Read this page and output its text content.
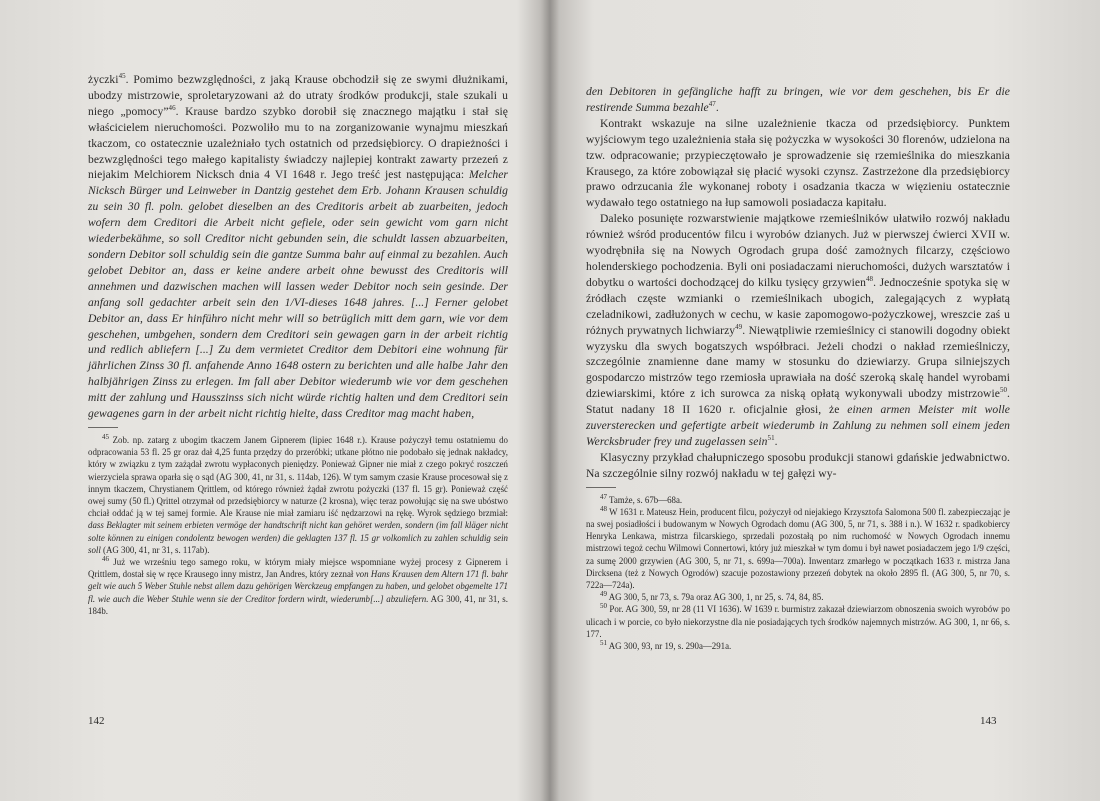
życzki$^{45}$. Pomimo bezwzględności, z jaką Krause obchodził się ze swymi dłużnikami, ubodzy mistrzowie, sproletaryzowani aż do utraty środków produkcji, stale szukali u niego „pomocy”$^{46}$. Krause bardzo szybko dorobił się znacznego majątku i stał się właścicielem nieruchomości. Pozwoliło mu to na zorganizowanie wynajmu mieszkań tkaczom, co ostatecznie uzależniało tych ostatnich od przedsiębiorcy. O drapieżności i bezwzględności tego małego kapitalisty świadczy najlepiej kontrakt zawarty przezeń z niejakim Melchiorem Nicksch dnia 4 VI 1648 r. Jego treść jest następująca: Melcher Nicksch Bürger und Leinweber in Dantzig gestehet dem Erb. Johann Krausen schuldig zu sein 30 fl. poln. gelobet dieselben an des Creditoris arbeit ab zuarbeiten, jedoch wofern dem Creditori die Arbeit nicht gefiele, oder sein gewicht vom garn nicht wiederbekähme, so soll Creditor nicht gebunden sein, die schuldt lassen abzuarbeiten, sondern Debitor soll schuldig sein die gantze Summa bahr auf einmal zu bezahlen. Auch gelobet Debitor an, dass er keine andere arbeit ohne bewusst des Creditoris will annehmen und dazwischen machen will lassen weder Debitor noch sein gesinde. Der anfang soll gedachter arbeit sein den 1/VI-dieses 1648 jahres. [...] Ferner gelobet Debitor an, dass Er hinführo nicht mehr will so betrüglich mitt dem garn, wie vor dem geschehen, umbgehen, sondern dem Creditori sein gewagen garn in der arbeit richtig und redlich abliefern [...] Zu dem vermietet Creditor dem Debitori eine wohnung für jährlichen Zinss 30 fl. anfahende Anno 1648 ostern zu berichten und alle halbe Jahr den halbjährigen Zinss zu erlegen. Im fall aber Debitor wiederumb wie vor dem geschehen mitt der zahlung und Hausszinss sich nicht würde richtig halten und dem Creditori sein gewagenes garn in der arbeit nicht richtig hielte, dass Creditor mag macht haben,

$^{45}$ Zob. np. zatarg z ubogim tkaczem Janem Gipnerem (lipiec 1648 r.). Krause pożyczył temu ostatniemu do odpracowania 53 fl. 25 gr oraz dał 4,25 funta przędzy do przeróbki; utkane płótno nie podobało się jednak nakładcy, który w związku z tym zażądał zwrotu wypłaconych pieniędzy. Ponieważ Gipner nie miał z czego pokryć roszczeń wierzyciela sprawa oparła się o sąd (AG 300, 41, nr 31, s. 114ab, 126). W tym samym czasie Krause procesował się z innym tkaczem, Chrystianem Qrittlem, od którego również żądał zwrotu pożyczki (137 fl. 15 gr). Ponieważ część owej sumy (50 fl.) Qrittel otrzymał od przedsiębiorcy w naturze (2 krosna), więc teraz powołując się na swe ubóstwo chciał oddać ją w tej samej formie. Ale Krause nie miał zamiaru iść nędzarzowi na rękę. Wyrok sędziego brzmiał: dass Beklagter mit seinem erbieten vermöge der handtschrift nicht kan gehöret werden, sondern (im fall kläger nicht solte können zu einigen condolentz bewogen werden) die geklagten 137 fl. 15 gr volkomlich zu zahlen schuldig sein soll (AG 300, 41, nr 31, s. 117ab).

$^{46}$ Już we wrześniu tego samego roku, w którym miały miejsce wspomniane wyżej procesy z Gipnerem i Qrittlem, dostał się w ręce Krausego inny mistrz, Jan Andres, który zeznał von Hans Krausen dem Altern 171 fl. bahr gelt wie auch 5 Weber Stuhle nebst allem dazu gehörigen Werckzeug empfangen zu haben, und gelobet obgemelte 171 fl. wie auch die Weber Stuhle wenn sie der Creditor fordern wirdt, wiederumb[...] abzuliefern. AG 300, 41, nr 31, s. 184b.

142

den Debitoren in gefängliche hafft zu bringen, wie vor dem geschehen, bis Er die restirende Summa bezahle$^{47}$.

Kontrakt wskazuje na silne uzależnienie tkacza od przedsiębiorcy. Punktem wyjściowym tego uzależnienia stała się pożyczka w wysokości 30 florenów, udzielona na tzw. odpracowanie; przypieczętowało je sprowadzenie się rzemieślnika do mieszkania Krausego, za które zobowiązał się płacić wysoki czynsz. Zastrzeżone dla przedsiębiorcy prawo odrzucania źle wykonanej roboty i osadzania tkacza w więzieniu ostatecznie wydawało tego ostatniego na łup samowoli posiadacza kapitału.

Daleko posunięte rozwarstwienie majątkowe rzemieślników ułatwiło rozwój nakładu również wśród producentów filcu i wyrobów dzianych. Już w pierwszej ćwierci XVII w. wyodrębniła się na Nowych Ogrodach grupa dość zamożnych filcarzy, częściowo holenderskiego pochodzenia. Byli oni posiadaczami nieruchomości, dużych warsztatów i dobytku o wartości dochodzącej do kilku tysięcy grzywien$^{48}$. Jednocześnie spotyka się w źródłach częste wzmianki o rzemieślnikach ubogich, zalegających z wypłatą czeladnikowi, zadłużonych w cechu, w kasie zapomogowo-pożyczkowej, wreszcie zaś u różnych prywatnych lichwiarzy$^{49}$. Niewątpliwie rzemieślnicy ci stanowili dogodny obiekt wyzysku dla swych bogatszych współbraci. Jeżeli chodzi o nakład rzemieślniczy, szczególnie znamienne dane mamy w stosunku do dziewiarzy. Grupa silniejszych gospodarczo mistrzów tego rzemiosła uprawiała na dość szeroką skalę handel wyrobami dziewiarskimi, które z ich surowca za niską opłatą wykonywali ubodzy mistrzowie$^{50}$. Statut nadany 18 II 1620 r. oficjalnie głosi, że einen armen Meister mit wolle zuversterecken und gefertigte arbeit wiederumb in Zahlung zu nehmen soll einem jeden Wercksbruder frey und zugelassen sein$^{51}$.

Klasyczny przykład chałupniczego sposobu produkcji stanowi gdańskie jedwabnictwo. Na szczególnie silny rozwój nakładu w tej gałęzi wy-

$^{47}$ Tamże, s. 67b—68a.

$^{48}$ W 1631 r. Mateusz Hein, producent filcu, pożyczył od niejakiego Krzysztofa Salomona 500 fl. zabezpieczając je na swej posiadłości i budowanym w Nowych Ogrodach domu (AG 300, 5, nr 71, s. 388 i n.). W 1632 r. spadkobiercy Henryka Lenkawa, mistrza filcarskiego, sprzedali pozostałą po nim ruchomość w Nowych Ogrodach innemu mistrzowi tegoż cechu Wilmowi Connertowi, który już mieszkał w tym domu i był nawet posiadaczem jego 1/9 części, za sumę 2000 grzywien (AG 300, 5, nr 71, s. 699a—700a). Inwentarz zmarłego w początkach 1633 r. mistrza Jana Dircksena (też z Nowych Ogrodów) szacuje pozostawiony przezeń dobytek na około 2895 fl. (AG 300, 5, nr 70, s. 722a—724a).

$^{49}$ AG 300, 5, nr 73, s. 79a oraz AG 300, 1, nr 25, s. 74, 84, 85.

$^{50}$ Por. AG 300, 59, nr 28 (11 VI 1636). W 1639 r. burmistrz zakazał dziewiarzom obnoszenia swoich wyrobów po ulicach i w porcie, co było niekorzystne dla nie posiadających tych środków najemnych mistrzów. AG 300, 1, nr 66, s. 177.

$^{51}$ AG 300, 93, nr 19, s. 290a—291a.

143
